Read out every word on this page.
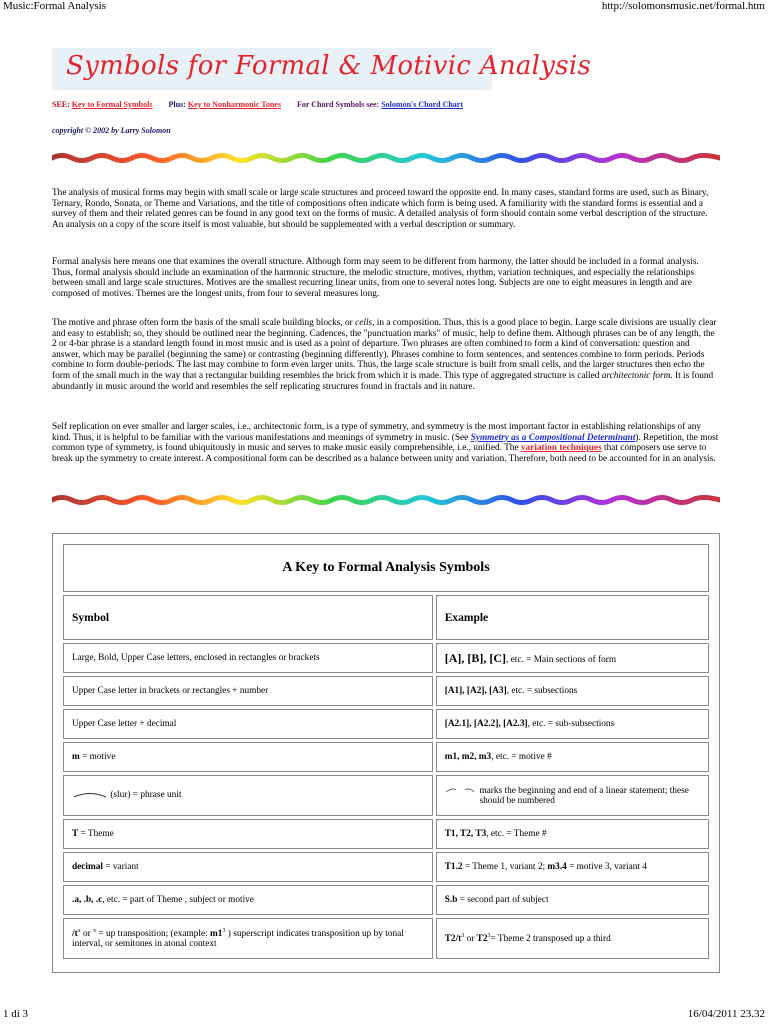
Music:Formal Analysis	http://solomonsmusic.net/formal.htm
Symbols for Formal & Motivic Analysis
SEE: Key to Formal Symbols Plus: Key to Nonharmonic Tones For Chord Symbols see: Solomon's Chord Chart
copyright © 2002 by Larry Solomon

The analysis of musical forms may begin with small scale or large scale structures and proceed toward the opposite end. In many cases, standard forms are used, such as Binary, Ternary, Rondo, Sonata, or Theme and Variations, and the title of compositions often indicate which form is being used. A familiarity with the standard forms is essential and a survey of them and their related genres can be found in any good text on the forms of music. A detailed analysis of form should contain some verbal description of the structure. An analysis on a copy of the score itself is most valuable, but should be supplemented with a verbal description or summary.

Formal analysis here means one that examines the overall structure. Although form may seem to be different from harmony, the latter should be included in a formal analysis. Thus, formal analysis should include an examination of the harmonic structure, the melodic structure, motives, rhythm, variation techniques, and especially the relationships between small and large scale structures. Motives are the smallest recurring linear units, from one to several notes long. Subjects are one to eight measures in length and are composed of motives. Themes are the longest units, from four to several measures long.

The motive and phrase often form the basis of the small scale building blocks, or cells, in a composition. Thus, this is a good place to begin. Large scale divisions are usually clear and easy to establish; so, they should be outlined near the beginning. Cadences, the "punctuation marks" of music, help to define them. Although phrases can be of any length, the 2 or 4-bar phrase is a standard length found in most music and is used as a point of departure. Two phrases are often combined to form a kind of conversation: question and answer, which may be parallel (beginning the same) or contrasting (beginning differently). Phrases combine to form sentences, and sentences combine to form periods. Periods combine to form double-periods. The last may combine to form even larger units. Thus, the large scale structure is built from small cells, and the larger structures then echo the form of the small much in the way that a rectangular building resembles the brick from which it is made. This type of aggregated structure is called architectonic form. It is found abundantly in music around the world and resembles the self replicating structures found in fractals and in nature.

Self replication on ever smaller and larger scales, i.e., architectonic form, is a type of symmetry, and symmetry is the most important factor in establishing relationships of any kind. Thus, it is helpful to be familiar with the various manifestations and meanings of symmetry in music. (See Symmetry as a Compositional Determinant). Repetition, the most common type of symmetry, is found ubiquitously in music and serves to make music easily comprehensible, i.e., unified. The variation techniques that composers use serve to break up the symmetry to create interest. A compositional form can be described as a balance between unity and variation. Therefore, both need to be accounted for in an analysis.

A Key to Formal Analysis Symbols	
Symbol	Example
Large, Bold, Upper Case letters, enclosed in rectangles or brackets	[A], [B], [C], etc. = Main sections of form
Upper Case letter in brackets or rectangles + number	[A1], [A2], [A3], etc. = subsections
Upper Case letter + decimal	[A2.1], [A2.2], [A2.3], etc. = sub-subsections
m = motive	m1, m2, m3, etc. = motive #
(slur) = phrase unit	marks the beginning and end of a linear statement; these should be numbered

T = Theme	T1, T2, T3, etc. = Theme #
decimal = variant	T1.2 = Theme 1, variant 2; m3.4 = motive 3, variant 4
.a, .b, .c, etc. = part of Theme , subject or motive	S.b = second part of subject
$/t^x$ or $^x$ = up transposition; (example: $m1^3$ ) superscript indicates transposition up by tonal interval, or semitones in atonal context	$T2/t^3$ or $T2^3=$ Theme 2 transposed up a third
1 di 3	16/04/2011 23.32
